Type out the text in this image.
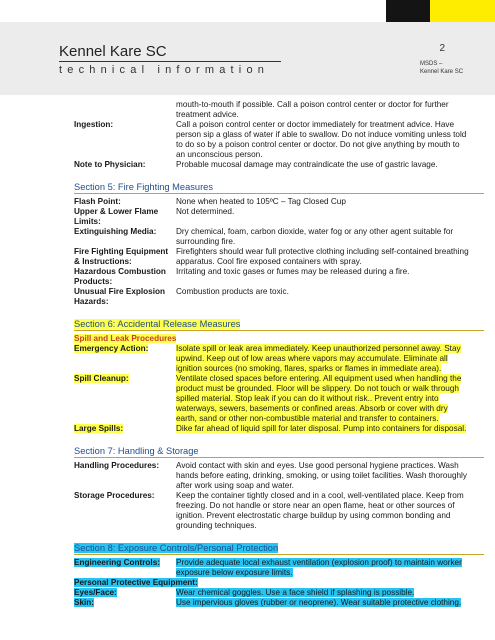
Kennel Kare SC
technical information
2
MSDS –
Kennel Kare SC
mouth-to-mouth if possible. Call a poison control center or doctor for further treatment advice.
Ingestion:	Call a poison control center or doctor immediately for treatment advice. Have person sip a glass of water if able to swallow. Do not induce vomiting unless told to do so by a poison control center or doctor. Do not give anything by mouth to an unconscious person.
Note to Physician:	Probable mucosal damage may contraindicate the use of gastric lavage.
Section 5: Fire Fighting Measures
Flash Point:	None when heated to 105ºC – Tag Closed Cup
Upper & Lower Flame Limits:
Not determined.
Extinguishing Media:	Dry chemical, foam, carbon dioxide, water fog or any other agent suitable for surrounding fire.
Fire Fighting Equipment & Instructions:
Firefighters should wear full protective clothing including self-contained breathing apparatus. Cool fire exposed containers with spray.
Hazardous Combustion Products:
Irritating and toxic gases or fumes may be released during a fire.
Unusual Fire Explosion Hazards:
Combustion products are toxic.
Section 6: Accidental Release Measures
Spill and Leak Procedures
Emergency Action:	Isolate spill or leak area immediately. Keep unauthorized personnel away. Stay upwind. Keep out of low areas where vapors may accumulate. Eliminate all ignition sources (no smoking, flares, sparks or flames in immediate area).
Spill Cleanup:	Ventilate closed spaces before entering. All equipment used when handling the product must be grounded. Floor will be slippery. Do not touch or walk through spilled material. Stop leak if you can do it without risk.. Prevent entry into waterways, sewers, basements or confined areas. Absorb or cover with dry earth, sand or other non-combustible material and transfer to containers.
Large Spills:	Dike far ahead of liquid spill for later disposal. Pump into containers for disposal.
Section 7: Handling & Storage
Handling Procedures:	Avoid contact with skin and eyes. Use good personal hygiene practices. Wash hands before eating, drinking, smoking, or using toilet facilities. Wash thoroughly after work using soap and water.
Storage Procedures:	Keep the container tightly closed and in a cool, well-ventilated place. Keep from freezing. Do not handle or store near an open flame, heat or other sources of ignition. Prevent electrostatic charge buildup by using common bonding and grounding techniques.
Section 8: Exposure Controls/Personal Protection
Engineering Controls:	Provide adequate local exhaust ventilation (explosion proof) to maintain worker exposure below exposure limits.
Personal Protective Equipment:
Eyes/Face:	Wear chemical goggles. Use a face shield if splashing is possible.
Skin:	Use impervious gloves (rubber or neoprene). Wear suitable protective clothing.
